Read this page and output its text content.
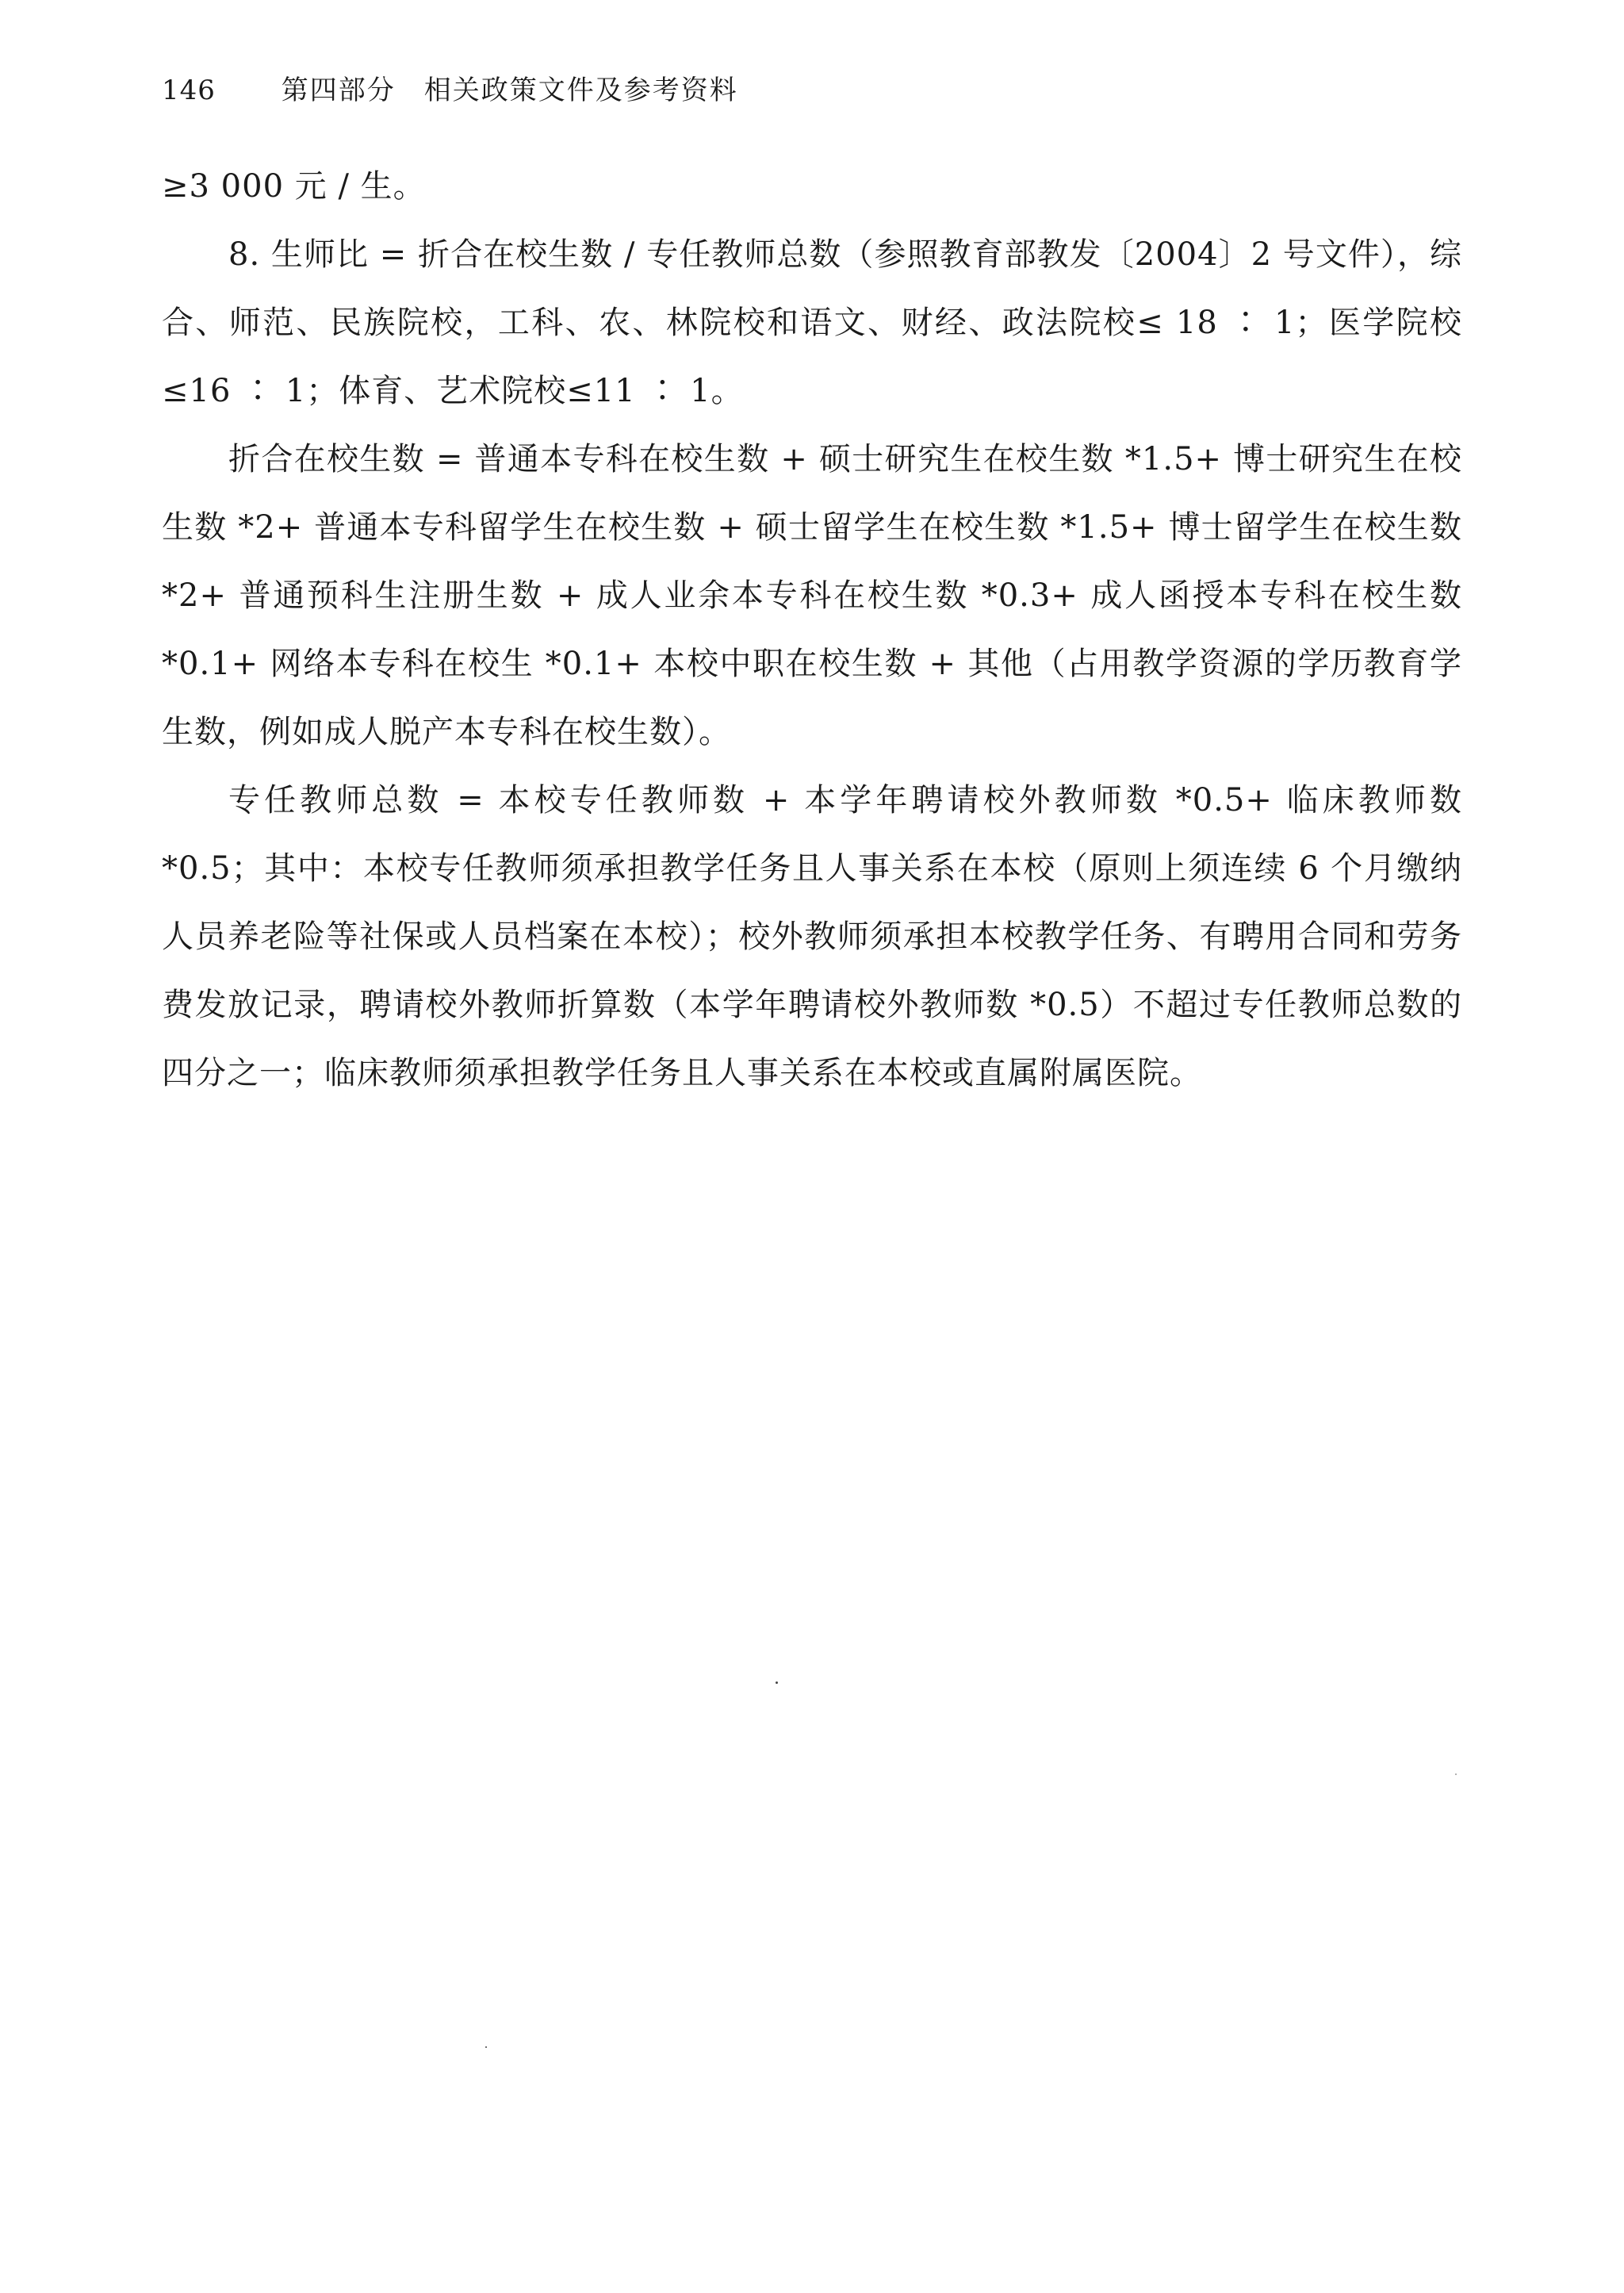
146 第四部分　相关政策文件及参考资料

≥3 000 元 / 生。

8. 生师比 = 折合在校生数 / 专任教师总数（参照教育部教发〔2004〕2 号文件），综合、师范、民族院校，工科、农、林院校和语文、财经、政法院校≤ 18 ∶ 1；医学院校≤16 ∶ 1；体育、艺术院校≤11 ∶ 1。

折合在校生数 = 普通本专科在校生数 + 硕士研究生在校生数 *1.5+ 博士研究生在校生数 *2+ 普通本专科留学生在校生数 + 硕士留学生在校生数 *1.5+ 博士留学生在校生数 *2+ 普通预科生注册生数 + 成人业余本专科在校生数 *0.3+ 成人函授本专科在校生数 *0.1+ 网络本专科在校生 *0.1+ 本校中职在校生数 + 其他（占用教学资源的学历教育学生数，例如成人脱产本专科在校生数）。

专任教师总数 = 本校专任教师数 + 本学年聘请校外教师数 *0.5+ 临床教师数 *0.5；其中：本校专任教师须承担教学任务且人事关系在本校（原则上须连续 6 个月缴纳人员养老险等社保或人员档案在本校）；校外教师须承担本校教学任务、有聘用合同和劳务费发放记录，聘请校外教师折算数（本学年聘请校外教师数 *0.5）不超过专任教师总数的四分之一；临床教师须承担教学任务且人事关系在本校或直属附属医院。
